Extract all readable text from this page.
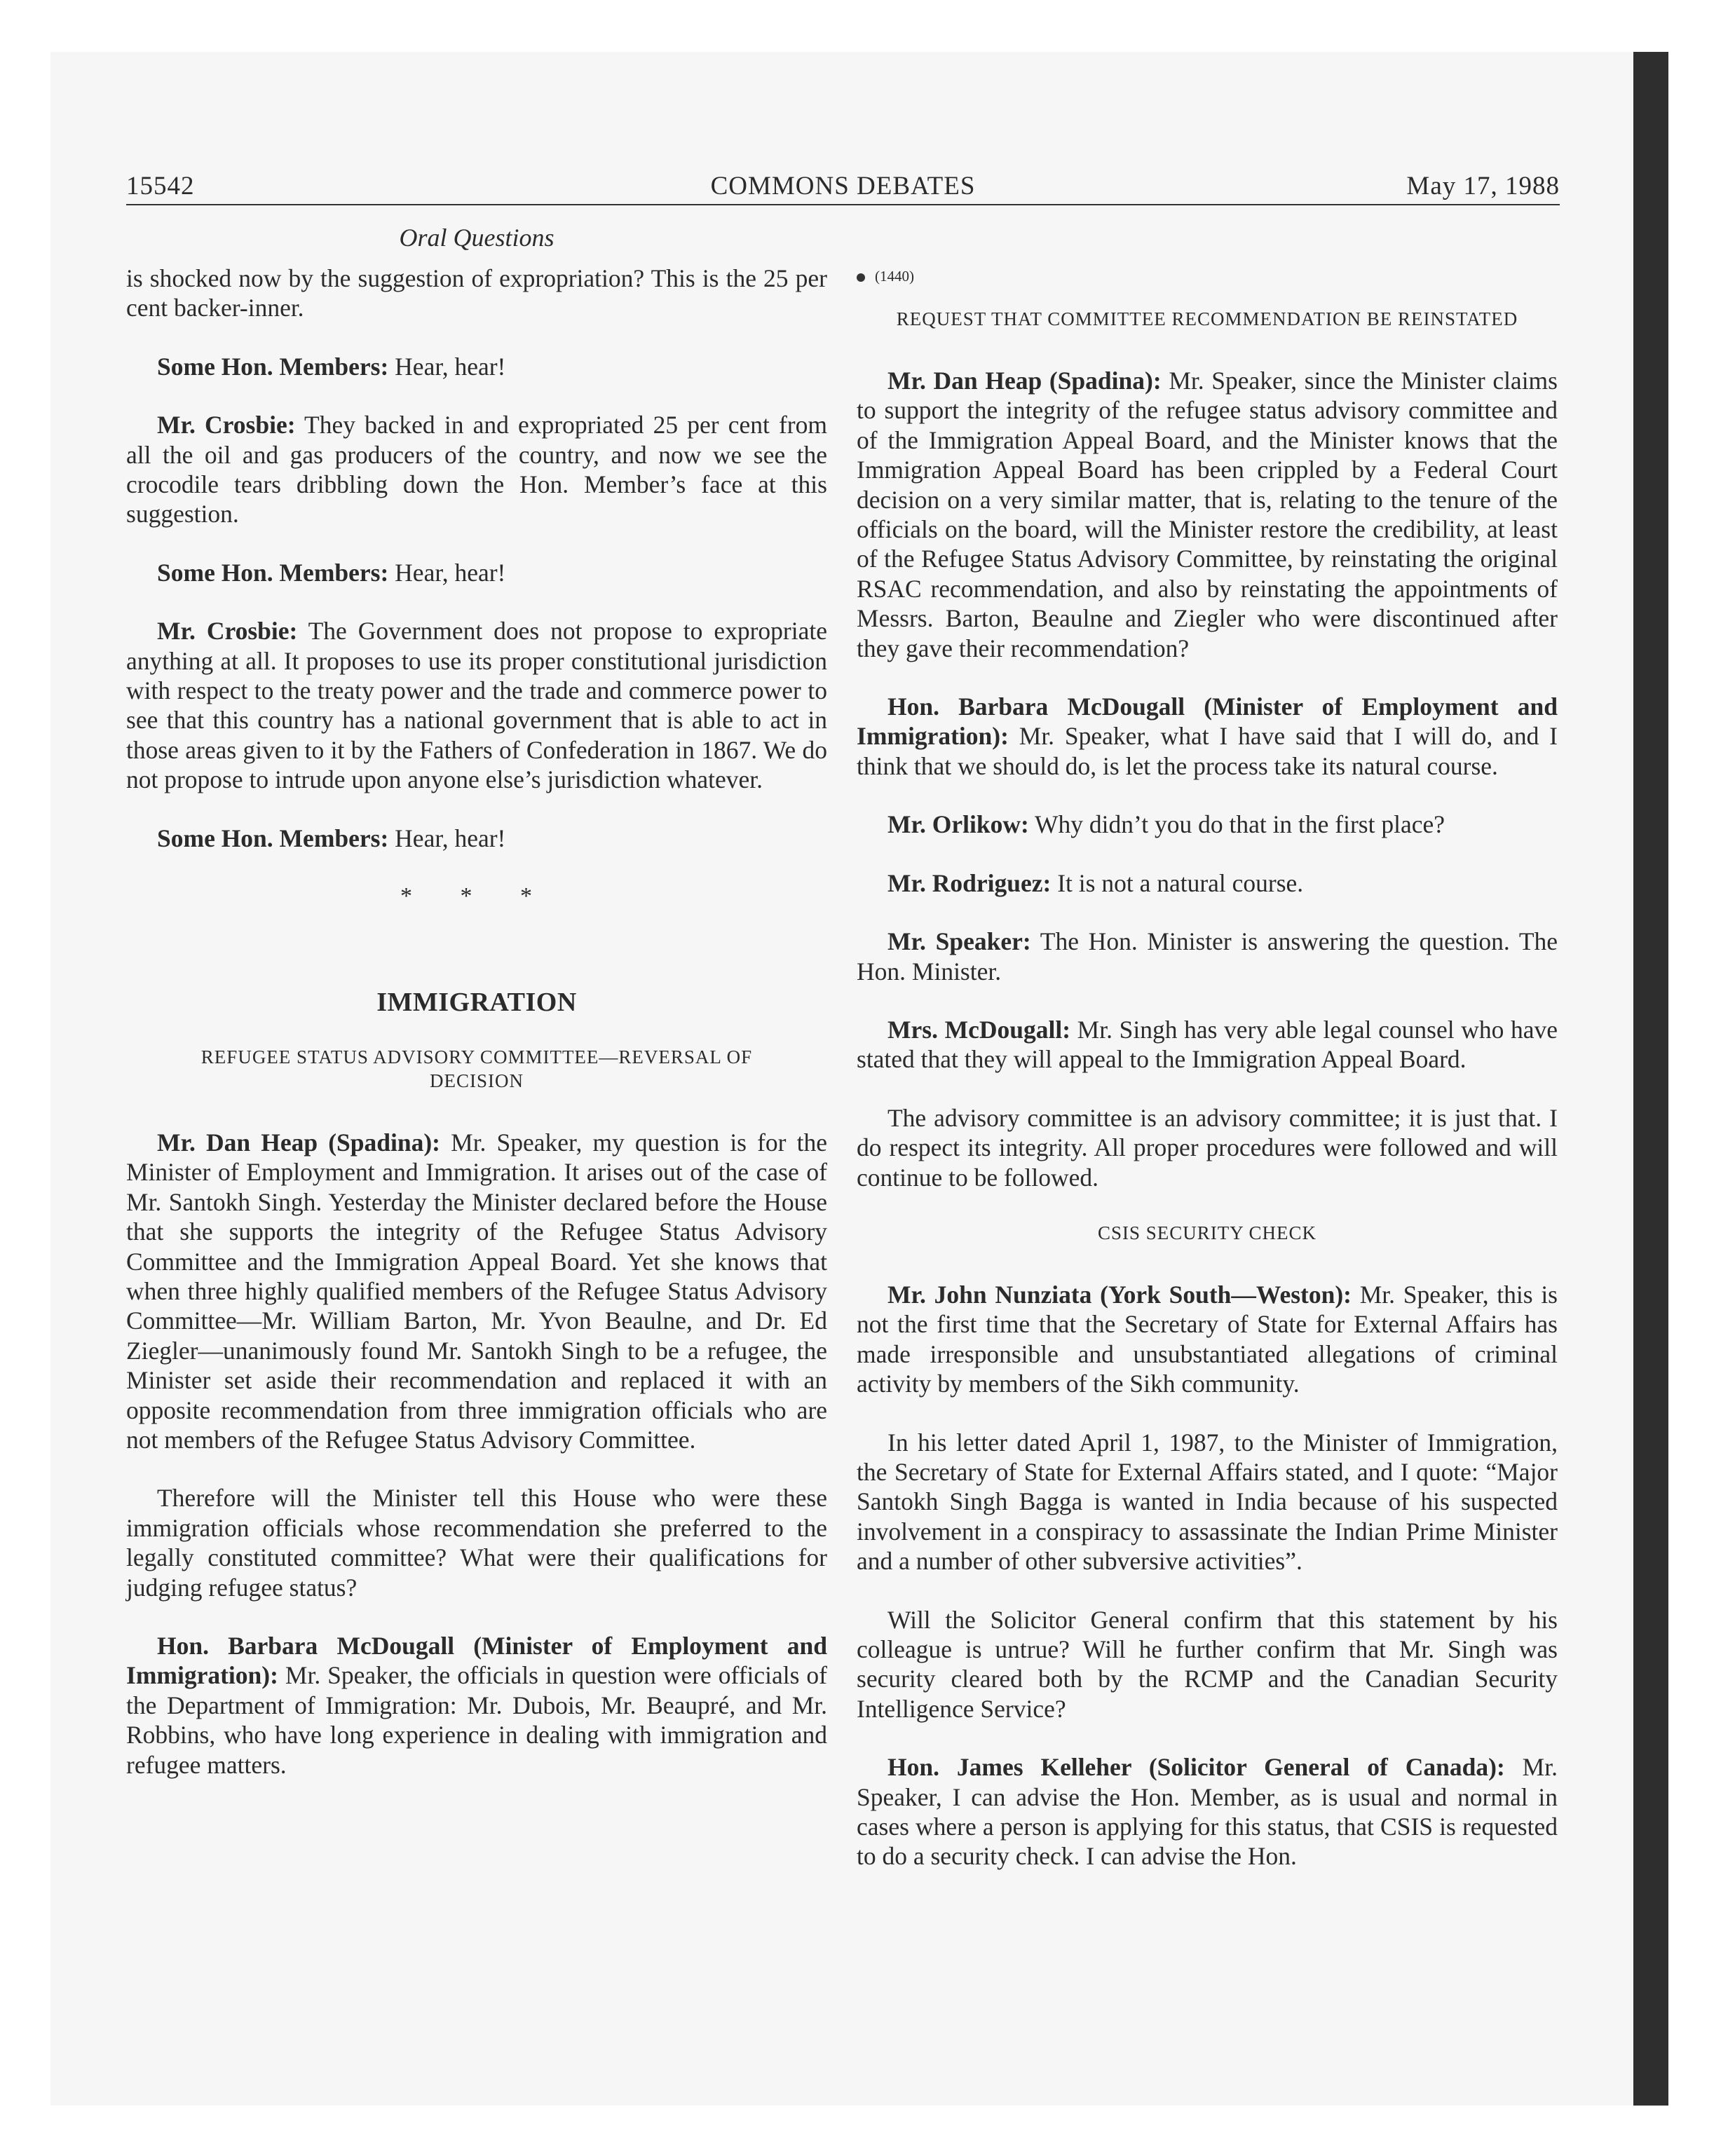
15542	COMMONS DEBATES	May 17, 1988
Oral Questions

is shocked now by the suggestion of expropriation? This is the 25 per cent backer-inner.

Some Hon. Members: Hear, hear!

Mr. Crosbie: They backed in and expropriated 25 per cent from all the oil and gas producers of the country, and now we see the crocodile tears dribbling down the Hon. Member’s face at this suggestion.

Some Hon. Members: Hear, hear!

Mr. Crosbie: The Government does not propose to expropriate anything at all. It proposes to use its proper constitutional jurisdiction with respect to the treaty power and the trade and commerce power to see that this country has a national government that is able to act in those areas given to it by the Fathers of Confederation in 1867. We do not propose to intrude upon anyone else’s jurisdiction whatever.

Some Hon. Members: Hear, hear!

* * *
IMMIGRATION
REFUGEE STATUS ADVISORY COMMITTEE—REVERSAL OF DECISION

Mr. Dan Heap (Spadina): Mr. Speaker, my question is for the Minister of Employment and Immigration. It arises out of the case of Mr. Santokh Singh. Yesterday the Minister declared before the House that she supports the integrity of the Refugee Status Advisory Committee and the Immigration Appeal Board. Yet she knows that when three highly qualified members of the Refugee Status Advisory Committee—Mr. William Barton, Mr. Yvon Beaulne, and Dr. Ed Ziegler—unanimously found Mr. Santokh Singh to be a refugee, the Minister set aside their recommendation and replaced it with an opposite recommendation from three immigration officials who are not members of the Refugee Status Advisory Committee.

Therefore will the Minister tell this House who were these immigration officials whose recommendation she preferred to the legally constituted committee? What were their qualifications for judging refugee status?

Hon. Barbara McDougall (Minister of Employment and Immigration): Mr. Speaker, the officials in question were officials of the Department of Immigration: Mr. Dubois, Mr. Beaupré, and Mr. Robbins, who have long experience in dealing with immigration and refugee matters.

(1440)
REQUEST THAT COMMITTEE RECOMMENDATION BE REINSTATED

Mr. Dan Heap (Spadina): Mr. Speaker, since the Minister claims to support the integrity of the refugee status advisory committee and of the Immigration Appeal Board, and the Minister knows that the Immigration Appeal Board has been crippled by a Federal Court decision on a very similar matter, that is, relating to the tenure of the officials on the board, will the Minister restore the credibility, at least of the Refugee Status Advisory Committee, by reinstating the original RSAC recommendation, and also by reinstating the appointments of Messrs. Barton, Beaulne and Ziegler who were discontinued after they gave their recommendation?

Hon. Barbara McDougall (Minister of Employment and Immigration): Mr. Speaker, what I have said that I will do, and I think that we should do, is let the process take its natural course.

Mr. Orlikow: Why didn’t you do that in the first place?

Mr. Rodriguez: It is not a natural course.

Mr. Speaker: The Hon. Minister is answering the question. The Hon. Minister.

Mrs. McDougall: Mr. Singh has very able legal counsel who have stated that they will appeal to the Immigration Appeal Board.

The advisory committee is an advisory committee; it is just that. I do respect its integrity. All proper procedures were followed and will continue to be followed.

CSIS SECURITY CHECK

Mr. John Nunziata (York South—Weston): Mr. Speaker, this is not the first time that the Secretary of State for External Affairs has made irresponsible and unsubstantiated allegations of criminal activity by members of the Sikh community.

In his letter dated April 1, 1987, to the Minister of Immigration, the Secretary of State for External Affairs stated, and I quote: “Major Santokh Singh Bagga is wanted in India because of his suspected involvement in a conspiracy to assassinate the Indian Prime Minister and a number of other subversive activities”.

Will the Solicitor General confirm that this statement by his colleague is untrue? Will he further confirm that Mr. Singh was security cleared both by the RCMP and the Canadian Security Intelligence Service?

Hon. James Kelleher (Solicitor General of Canada): Mr. Speaker, I can advise the Hon. Member, as is usual and normal in cases where a person is applying for this status, that CSIS is requested to do a security check. I can advise the Hon.
